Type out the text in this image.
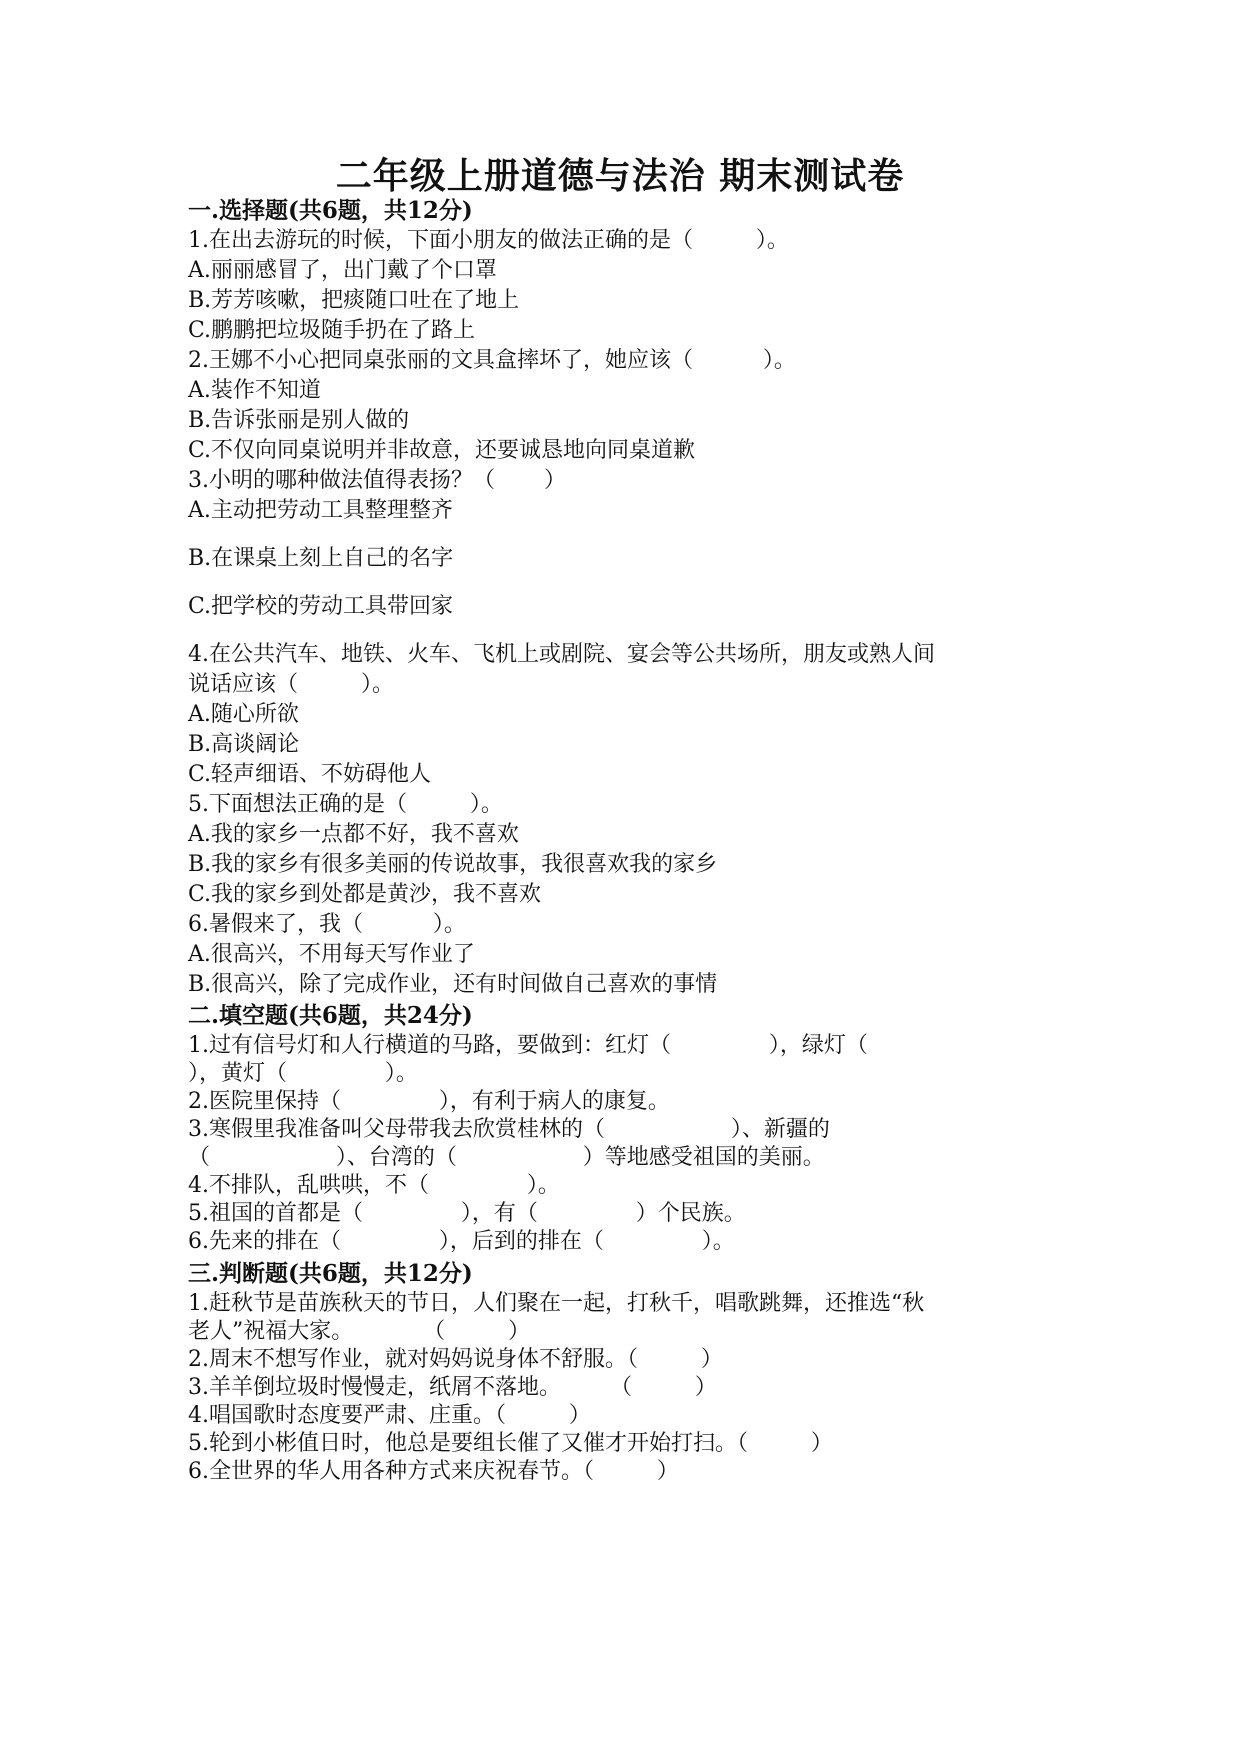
二年级上册道德与法治 期末测试卷
一.选择题(共6题，共12分)
1.在出去游玩的时候，下面小朋友的做法正确的是（         ）。
A.丽丽感冒了，出门戴了个口罩
B.芳芳咳嗽，把痰随口吐在了地上
C.鹏鹏把垃圾随手扔在了路上
2.王娜不小心把同桌张丽的文具盒摔坏了，她应该（          ）。
A.装作不知道
B.告诉张丽是别人做的
C.不仅向同桌说明并非故意，还要诚恳地向同桌道歉
3.小明的哪种做法值得表扬？（       ）
A.主动把劳动工具整理整齐
B.在课桌上刻上自己的名字
C.把学校的劳动工具带回家
4.在公共汽车、地铁、火车、飞机上或剧院、宴会等公共场所，朋友或熟人间
说话应该（         ）。
A.随心所欲
B.高谈阔论
C.轻声细语、不妨碍他人
5.下面想法正确的是（         ）。
A.我的家乡一点都不好，我不喜欢
B.我的家乡有很多美丽的传说故事，我很喜欢我的家乡
C.我的家乡到处都是黄沙，我不喜欢
6.暑假来了，我（          ）。
A.很高兴，不用每天写作业了
B.很高兴，除了完成作业，还有时间做自己喜欢的事情
二.填空题(共6题，共24分)
1.过有信号灯和人行横道的马路，要做到：红灯（              ），绿灯（
），黄灯（              ）。
2.医院里保持（              ），有利于病人的康复。
3.寒假里我准备叫父母带我去欣赏桂林的（                  ）、新疆的
（                  ）、台湾的（                  ）等地感受祖国的美丽。
4.不排队，乱哄哄，不（              ）。
5.祖国的首都是（              ），有（              ）个民族。
6.先来的排在（              ），后到的排在（              ）。
三.判断题(共6题，共12分)
1.赶秋节是苗族秋天的节日，人们聚在一起，打秋千，唱歌跳舞，还推选“秋
老人”祝福大家。          （         ）
2.周末不想写作业，就对妈妈说身体不舒服。（         ）
3.羊羊倒垃圾时慢慢走，纸屑不落地。       （         ）
4.唱国歌时态度要严肃、庄重。（         ）
5.轮到小彬值日时，他总是要组长催了又催才开始打扫。（         ）
6.全世界的华人用各种方式来庆祝春节。（         ）
